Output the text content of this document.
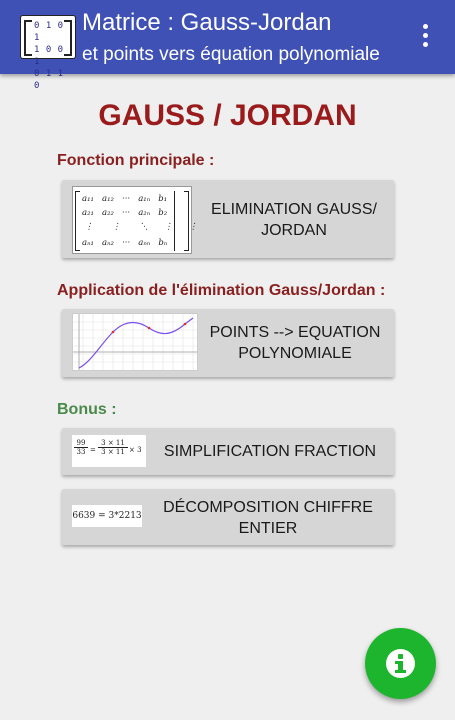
0 1 0 1
1 0 0 1
0 1 1 0
Matrice : Gauss-Jordan
et points vers équation polynomiale
GAUSS / JORDAN
Fonction principale :
a₁₁ a₁₂ ··· a₁ₙ b₁
a₂₁ a₂₂ ··· a₂ₙ b₂
⋮ ⋮ ⋱ ⋮ ⋮
aₙ₁ aₙ₂ ··· aₙₙ bₙ
ELIMINATION GAUSS/ JORDAN
Application de l'élimination Gauss/Jordan :
POINTS --> EQUATION POLYNOMIALE
Bonus :
$\frac{99}{33} = \frac{3 \times 11}{3 \times 11} \times 3$	SIMPLIFICATION FRACTION
6639 = 3*2213	DÉCOMPOSITION CHIFFRE ENTIER
